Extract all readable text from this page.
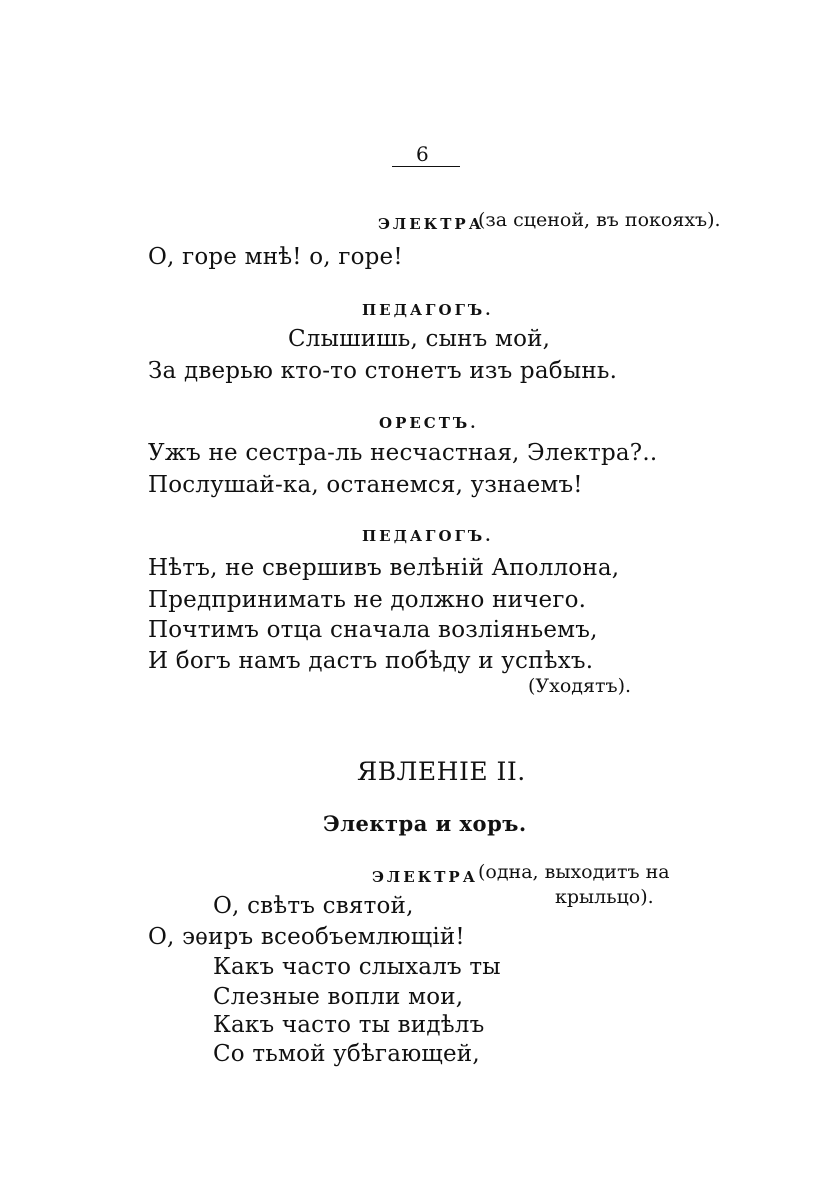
6
ЭЛЕКТРА
(за сценой, въ покояхъ).
О, горе мнѣ! о, горе!
ПЕДАГОГЪ.
Слышишь, сынъ мой,
За дверью кто-то стонетъ изъ рабынь.
ОРЕСТЪ.
Ужъ не сестра-ль несчастная, Электра?..
Послушай-ка, останемся, узнаемъ!
ПЕДАГОГЪ.
Нѣтъ, не свершивъ велѣній Аполлона,
Предпринимать не должно ничего.
Почтимъ отца сначала возліяньемъ,
И богъ намъ дастъ побѣду и успѣхъ.
(Уходятъ).
ЯВЛЕНІЕ II.
Электра и хоръ.
ЭЛЕКТРА (одна, выходитъ на
крыльцо).
О, свѣтъ святой,
О, эѳиръ всеобъемлющій!
Какъ часто слыхалъ ты
Слезные вопли мои,
Какъ часто ты видѣлъ
Со тьмой убѣгающей,
